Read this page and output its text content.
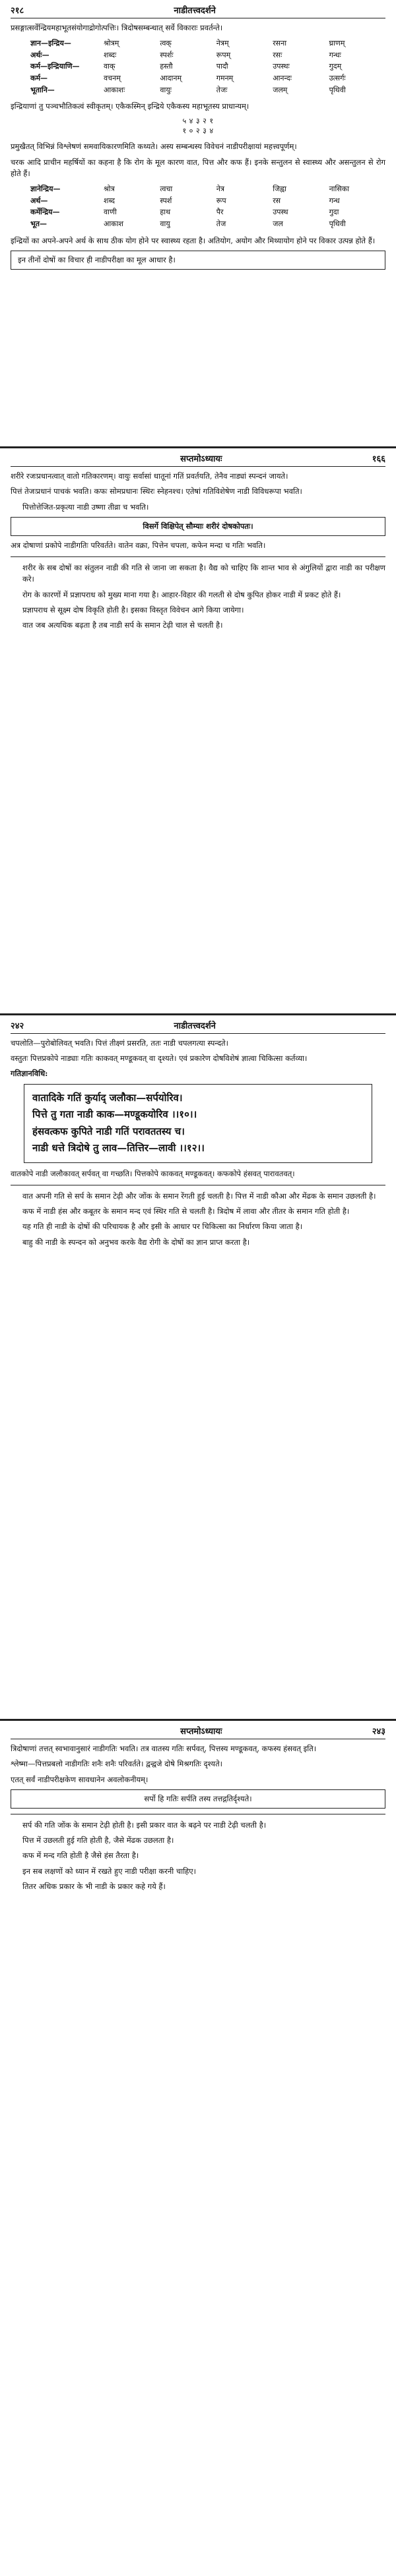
२१८	नाडीतत्त्वदर्शने

प्रसङ्गात्सर्वेन्द्रियमहाभूतसंयोगाद्रोगोत्पत्तिः। त्रिदोषसम्बन्धात् सर्वे विकाराः प्रवर्तन्ते।

ज्ञान—इन्द्रिय—	श्रोत्रम्	त्वक्	नेत्रम्	रसना	घ्राणम्
अर्थः—	शब्दः	स्पर्शः	रूपम्	रसः	गन्धः
कर्म—इन्द्रियाणि—	वाक्	हस्तौ	पादौ	उपस्थः	गुदम्
कर्म—	वचनम्	आदानम्	गमनम्	आनन्दः	उत्सर्गः
भूतानि—	आकाशः	वायुः	तेजः	जलम्	पृथिवी

इन्द्रियाणां तु पञ्चभौतिकत्वं स्वीकृतम्। एकैकस्मिन् इन्द्रिये एकैकस्य महाभूतस्य प्राधान्यम्।

५ ४ ३ २ १
१ ० २ ३ ४

प्रमुखैतत् विभिन्नं विश्लेषणं समवायिकारणमिति कथ्यते। अस्य सम्बन्धस्य विवेचनं नाडीपरीक्षायां महत्त्वपूर्णम्।

चरक आदि प्राचीन महर्षियों का कहना है कि रोग के मूल कारण वात, पित्त और कफ हैं। इनके सन्तुलन से स्वास्थ्य और असन्तुलन से रोग होते हैं।

ज्ञानेन्द्रिय—	श्रोत्र	त्वचा	नेत्र	जिह्वा	नासिका
अर्थ—	शब्द	स्पर्श	रूप	रस	गन्ध
कर्मेन्द्रिय—	वाणी	हाथ	पैर	उपस्थ	गुदा
भूत—	आकाश	वायु	तेज	जल	पृथिवी

इन्द्रियों का अपने-अपने अर्थ के साथ ठीक योग होने पर स्वास्थ्य रहता है। अतियोग, अयोग और मिथ्यायोग होने पर विकार उत्पन्न होते हैं।

इन तीनों दोषों का विचार ही नाडीपरीक्षा का मूल आधार है।
सप्तमोऽध्यायः	१६६

शरीरे रजःप्रधानत्वात् वातो गतिकारणम्। वायुः सर्वासां धातूनां गतिं प्रवर्तयति, तेनैव नाड्यां स्पन्दनं जायते।

पित्तं तेजःप्रधानं पाचकं भवति। कफः सोमप्रधानः स्थिरः स्नेहनश्च। एतेषां गतिविशेषेण नाडी विविधरूपा भवति।

पित्तोत्तेजित-प्रकृत्या नाडी उष्णा तीव्रा च भवति।

विसर्गे विक्षिपेत् सौम्याः शरीरं दोषकोपतः।

अत्र दोषाणां प्रकोपे नाडीगतिः परिवर्तते। वातेन वक्रा, पित्तेन चपला, कफेन मन्दा च गतिः भवति।

शरीर के सब दोषों का संतुलन नाडी की गति से जाना जा सकता है। वैद्य को चाहिए कि शान्त भाव से अंगुलियों द्वारा नाडी का परीक्षण करे।

रोग के कारणों में प्रज्ञापराध को मुख्य माना गया है। आहार-विहार की गलती से दोष कुपित होकर नाडी में प्रकट होते हैं।

प्रज्ञापराध से सूक्ष्म दोष विकृति होती है। इसका विस्तृत विवेचन आगे किया जायेगा।

वात जब अत्यधिक बढ़ता है तब नाडी सर्प के समान टेढ़ी चाल से चलती है।

२४२	नाडीतत्त्वदर्शने

चपलोति—पुरोबोलिवत् भवति। पित्तं तीक्ष्णं प्रसरति, ततः नाडी चपलगत्या स्पन्दते।

वस्तुतः पित्तप्रकोपे नाड्याः गतिः काकवत् मण्डूकवत् वा दृश्यते। एवं प्रकारेण दोषविशेषं ज्ञात्वा चिकित्सा कर्तव्या।

गतिज्ञानविधि:
वातादिके गतिं कुर्याद् जलौका—सर्पयोरिव।
पित्ते तु गता नाडी काक—मण्डूकयोरिव ।।१०।।
हंसवत्कफ कुपिते नाडी गतिं परावततस्य च।
नाडी धत्ते त्रिदोषे तु लाव—तित्तिर—लावी ।।१२।।

वातकोपे नाडी जलौकावत् सर्पवत् वा गच्छति। पित्तकोपे काकवत् मण्डूकवत्। कफकोपे हंसवत् पारावतवत्।

वात अपनी गति से सर्प के समान टेढ़ी और जोंक के समान रेंगती हुई चलती है। पित्त में नाडी कौआ और मेंढक के समान उछलती है।

कफ में नाडी हंस और कबूतर के समान मन्द एवं स्थिर गति से चलती है। त्रिदोष में लावा और तीतर के समान गति होती है।

यह गति ही नाडी के दोषों की परिचायक है और इसी के आधार पर चिकित्सा का निर्धारण किया जाता है।

बाहु की नाडी के स्पन्दन को अनुभव करके वैद्य रोगी के दोषों का ज्ञान प्राप्त करता है।

सप्तमोऽध्यायः	२४३

त्रिदोषाणां तत्तत् स्वभावानुसारं नाडीगतिः भवति। तत्र वातस्य गतिः सर्पवत्, पित्तस्य मण्डूकवत्, कफस्य हंसवत् इति।

श्लेष्मा—पित्तप्रबलो नाडीगतिः शनैः शनैः परिवर्तते। द्वन्द्वजे दोषे मिश्रगतिः दृश्यते।

एतत् सर्वं नाडीपरीक्षकेण सावधानेन अवलोकनीयम्।

सर्पो हि गतिः सर्पति तस्य तत्तद्गतिर्दृश्यते।

सर्प की गति जोंक के समान टेढ़ी होती है। इसी प्रकार वात के बढ़ने पर नाडी टेढ़ी चलती है।

पित्त में उछलती हुई गति होती है, जैसे मेंढक उछलता है।

कफ में मन्द गति होती है जैसे हंस तैरता है।

इन सब लक्षणों को ध्यान में रखते हुए नाडी परीक्षा करनी चाहिए।

तितर अधिक प्रकार के भी नाडी के प्रकार कहे गये हैं।
